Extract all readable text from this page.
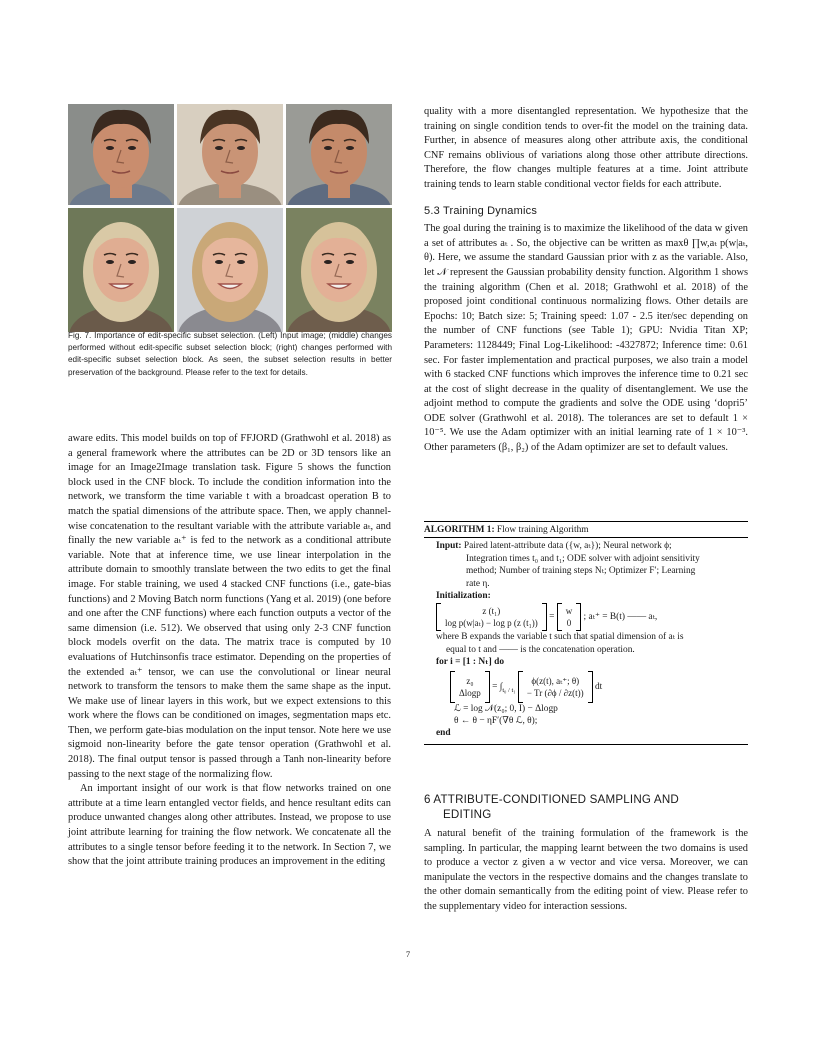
Fig. 7. Importance of edit-specific subset selection. (Left) Input image; (middle) changes performed without edit-specific subset selection block; (right) changes performed with edit-specific subset selection block. As seen, the subset selection results in better preservation of the background. Please refer to the text for details.

aware edits. This model builds on top of FFJORD (Grathwohl et al. 2018) as a general framework where the attributes can be 2D or 3D tensors like an image for an Image2Image translation task. Figure 5 shows the function block used in the CNF block. To include the condition information into the network, we transform the time variable t with a broadcast operation B to match the spatial dimensions of the attribute space. Then, we apply channel-wise concatenation to the resultant variable with the attribute variable aₜ, and finally the new variable aₜ⁺ is fed to the network as a conditional attribute variable. Note that at inference time, we use linear interpolation in the attribute domain to smoothly translate between the two edits to get the final image. For stable training, we used 4 stacked CNF functions (i.e., gate-bias functions) and 2 Moving Batch norm functions (Yang et al. 2019) (one before and one after the CNF functions) where each function outputs a vector of the same dimension (i.e. 512). We observed that using only 2-3 CNF function block models overfit on the data. The matrix trace is computed by 10 evaluations of Hutchinsonfis trace estimator. Depending on the properties of the extended aₜ⁺ tensor, we can use the convolutional or linear neural network to transform the tensors to make them the same shape as the input. We make use of linear layers in this work, but we expect extensions to this work where the flows can be conditioned on images, segmentation maps etc. Then, we perform gate-bias modulation on the input tensor. Note here we use sigmoid non-linearity before the gate tensor operation (Grathwohl et al. 2018). The final output tensor is passed through a Tanh non-linearity before passing to the next stage of the normalizing flow.

An important insight of our work is that flow networks trained on one attribute at a time learn entangled vector fields, and hence resultant edits can produce unwanted changes along other attributes. Instead, we propose to use joint attribute learning for training the flow network. We concatenate all the attributes to a single tensor before feeding it to the network. In Section 7, we show that the joint attribute training produces an improvement in the editing

quality with a more disentangled representation. We hypothesize that the training on single condition tends to over-fit the model on the training data. Further, in absence of measures along other attribute axis, the conditional CNF remains oblivious of variations along those other attribute directions. Therefore, the flow changes multiple features at a time. Joint attribute training tends to learn stable conditional vector fields for each attribute.

5.3 Training Dynamics

The goal during the training is to maximize the likelihood of the data w given a set of attributes aₜ . So, the objective can be written as maxθ ∏w,aₜ p(w|aₜ, θ). Here, we assume the standard Gaussian prior with z as the variable. Also, let 𝒩 represent the Gaussian probability density function. Algorithm 1 shows the training algorithm (Chen et al. 2018; Grathwohl et al. 2018) of the proposed joint conditional continuous normalizing flows. Other details are Epochs: 10; Batch size: 5; Training speed: 1.07 - 2.5 iter/sec depending on the number of CNF functions (see Table 1); GPU: Nvidia Titan XP; Parameters: 1128449; Final Log-Likelihood: -4327872; Inference time: 0.61 sec. For faster implementation and practical purposes, we also train a model with 6 stacked CNF functions which improves the inference time to 0.21 sec at the cost of slight decrease in the quality of disentanglement. We use the adjoint method to compute the gradients and solve the ODE using ‘dopri5’ ODE solver (Grathwohl et al. 2018). The tolerances are set to default 1 × 10⁻⁵. We use the Adam optimizer with an initial learning rate of 1 × 10⁻³. Other parameters (β₁, β₂) of the Adam optimizer are set to default values.

ALGORITHM 1: Flow training Algorithm
Input: Paired latent-attribute data ({w, aₜ}); Neural network ϕ;
Integration times t₀ and t₁; ODE solver with adjoint sensitivity
method; Number of training steps Nₜ; Optimizer F′; Learning
rate η.
Initialization:
z (t₁)
log p(w|aₜ) − log p (z (t₁))
=
w
0
; aₜ⁺ = B(t) —— aₜ,
where B expands the variable t such that spatial dimension of aₜ is
equal to t and —— is the concatenation operation.
for i = [1 : Nₜ] do
z₀
Δlogp
= $\int_{t_0 / t_1}$
ϕ(z(t), aₜ⁺; θ)
− Tr (∂ϕ / ∂z(t))
dt
ℒ = log 𝒩(z₀; 0, I) − Δlogp
θ ← θ − ηF′(∇θ ℒ, θ);
end
6 ATTRIBUTE-CONDITIONED SAMPLING AND
EDITING

A natural benefit of the training formulation of the framework is the sampling. In particular, the mapping learnt between the two domains is used to produce a vector z given a w vector and vice versa. Moreover, we can manipulate the vectors in the respective domains and the changes translate to the other domain semantically from the editing point of view. Please refer to the supplementary video for interaction sessions.

7
